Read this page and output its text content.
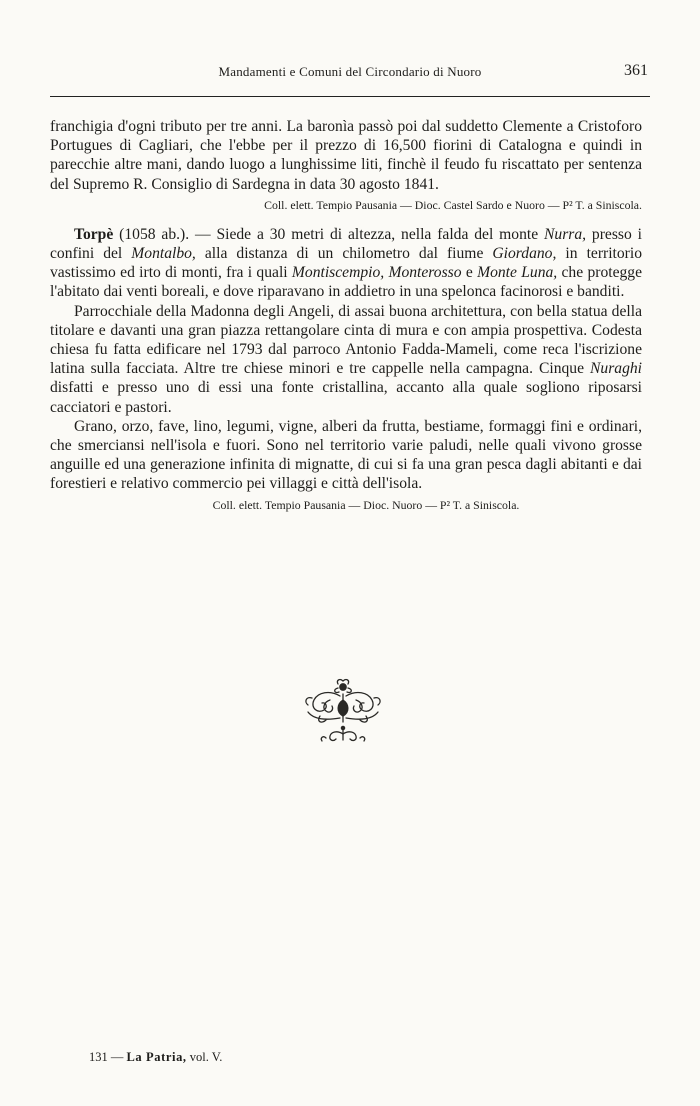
Mandamenti e Comuni del Circondario di Nuoro	361

franchigia d'ogni tributo per tre anni. La baronìa passò poi dal suddetto Clemente a Cristoforo Portugues di Cagliari, che l'ebbe per il prezzo di 16,500 fiorini di Catalogna e quindi in parecchie altre mani, dando luogo a lunghissime liti, finchè il feudo fu riscattato per sentenza del Supremo R. Consiglio di Sardegna in data 30 agosto 1841.

Coll. elett. Tempio Pausania — Dioc. Castel Sardo e Nuoro — P² T. a Siniscola.

Torpè (1058 ab.). — Siede a 30 metri di altezza, nella falda del monte Nurra, presso i confini del Montalbo, alla distanza di un chilometro dal fiume Giordano, in territorio vastissimo ed irto di monti, fra i quali Montiscempio, Monterosso e Monte Luna, che protegge l'abitato dai venti boreali, e dove riparavano in addietro in una spelonca facinorosi e banditi.

Parrocchiale della Madonna degli Angeli, di assai buona architettura, con bella statua della titolare e davanti una gran piazza rettangolare cinta di mura e con ampia prospettiva. Codesta chiesa fu fatta edificare nel 1793 dal parroco Antonio Fadda-Mameli, come reca l'iscrizione latina sulla facciata. Altre tre chiese minori e tre cappelle nella campagna. Cinque Nuraghi disfatti e presso uno di essi una fonte cristallina, accanto alla quale sogliono riposarsi cacciatori e pastori.

Grano, orzo, fave, lino, legumi, vigne, alberi da frutta, bestiame, formaggi fini e ordinari, che smerciansi nell'isola e fuori. Sono nel territorio varie paludi, nelle quali vivono grosse anguille ed una generazione infinita di mignatte, di cui si fa una gran pesca dagli abitanti e dai forestieri e relativo commercio pei villaggi e città dell'isola.

Coll. elett. Tempio Pausania — Dioc. Nuoro — P² T. a Siniscola.

131 — La Patria, vol. V.
